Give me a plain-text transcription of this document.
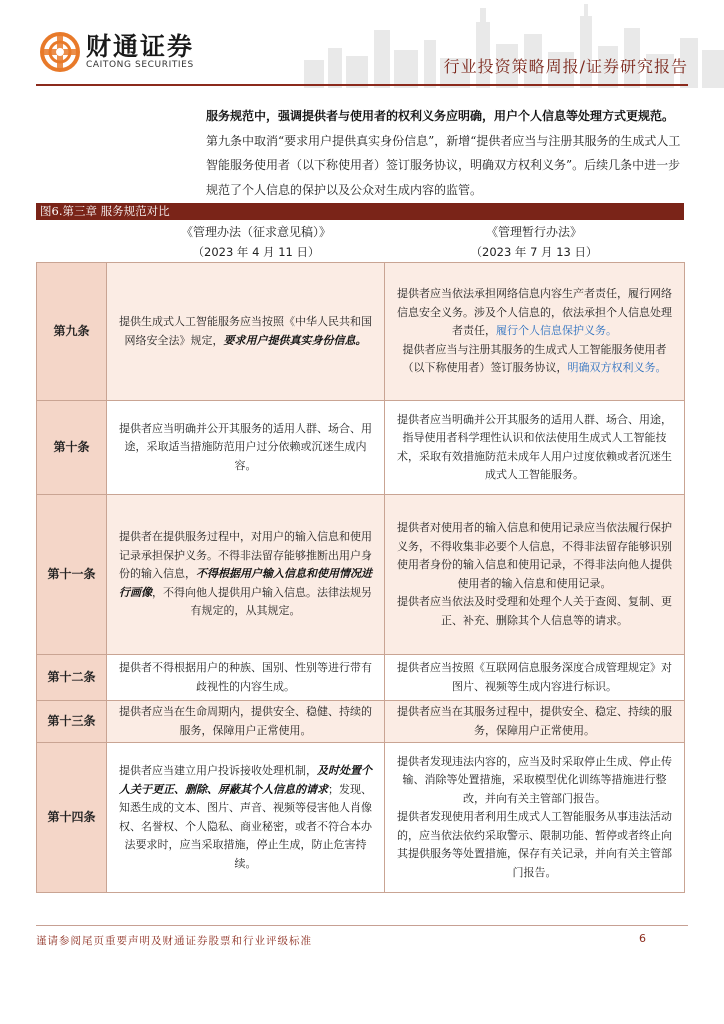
财通证券
CAITONG SECURITIES	行业投资策略周报/证券研究报告

服务规范中，强调提供者与使用者的权利义务应明确，用户个人信息等处理方式更规范。第九条中取消“要求用户提供真实身份信息”，新增“提供者应当与注册其服务的生成式人工智能服务使用者（以下称使用者）签订服务协议，明确双方权利义务”。后续几条中进一步规范了个人信息的保护以及公众对生成内容的监管。

图6.第三章 服务规范对比
《管理办法（征求意见稿）》
（2023 年 4 月 11 日）
《管理暂行办法》
（2023 年 7 月 13 日）
第九条	提供生成式人工智能服务应当按照《中华人民共和国网络安全法》规定，要求用户提供真实身份信息。	提供者应当依法承担网络信息内容生产者责任，履行网络信息安全义务。涉及个人信息的，依法承担个人信息处理者责任，履行个人信息保护义务。
提供者应当与注册其服务的生成式人工智能服务使用者（以下称使用者）签订服务协议，明确双方权利义务。

第十条	提供者应当明确并公开其服务的适用人群、场合、用途，采取适当措施防范用户过分依赖或沉迷生成内容。	提供者应当明确并公开其服务的适用人群、场合、用途，指导使用者科学理性认识和依法使用生成式人工智能技术，采取有效措施防范未成年人用户过度依赖或者沉迷生成式人工智能服务。
第十一条	提供者在提供服务过程中，对用户的输入信息和使用记录承担保护义务。不得非法留存能够推断出用户身份的输入信息，不得根据用户输入信息和使用情况进行画像，不得向他人提供用户输入信息。法律法规另有规定的，从其规定。	提供者对使用者的输入信息和使用记录应当依法履行保护义务，不得收集非必要个人信息，不得非法留存能够识别使用者身份的输入信息和使用记录，不得非法向他人提供使用者的输入信息和使用记录。
提供者应当依法及时受理和处理个人关于查阅、复制、更正、补充、删除其个人信息等的请求。

第十二条	提供者不得根据用户的种族、国别、性别等进行带有歧视性的内容生成。	提供者应当按照《互联网信息服务深度合成管理规定》对图片、视频等生成内容进行标识。
第十三条	提供者应当在生命周期内，提供安全、稳健、持续的服务，保障用户正常使用。	提供者应当在其服务过程中，提供安全、稳定、持续的服务，保障用户正常使用。
第十四条	提供者应当建立用户投诉接收处理机制，及时处置个人关于更正、删除、屏蔽其个人信息的请求；发现、知悉生成的文本、图片、声音、视频等侵害他人肖像权、名誉权、个人隐私、商业秘密，或者不符合本办法要求时，应当采取措施，停止生成，防止危害持续。	提供者发现违法内容的，应当及时采取停止生成、停止传输、消除等处置措施，采取模型优化训练等措施进行整改，并向有关主管部门报告。
提供者发现使用者利用生成式人工智能服务从事违法活动的，应当依法依约采取警示、限制功能、暂停或者终止向其提供服务等处置措施，保存有关记录，并向有关主管部门报告。
谨请参阅尾页重要声明及财通证券股票和行业评级标准	6
